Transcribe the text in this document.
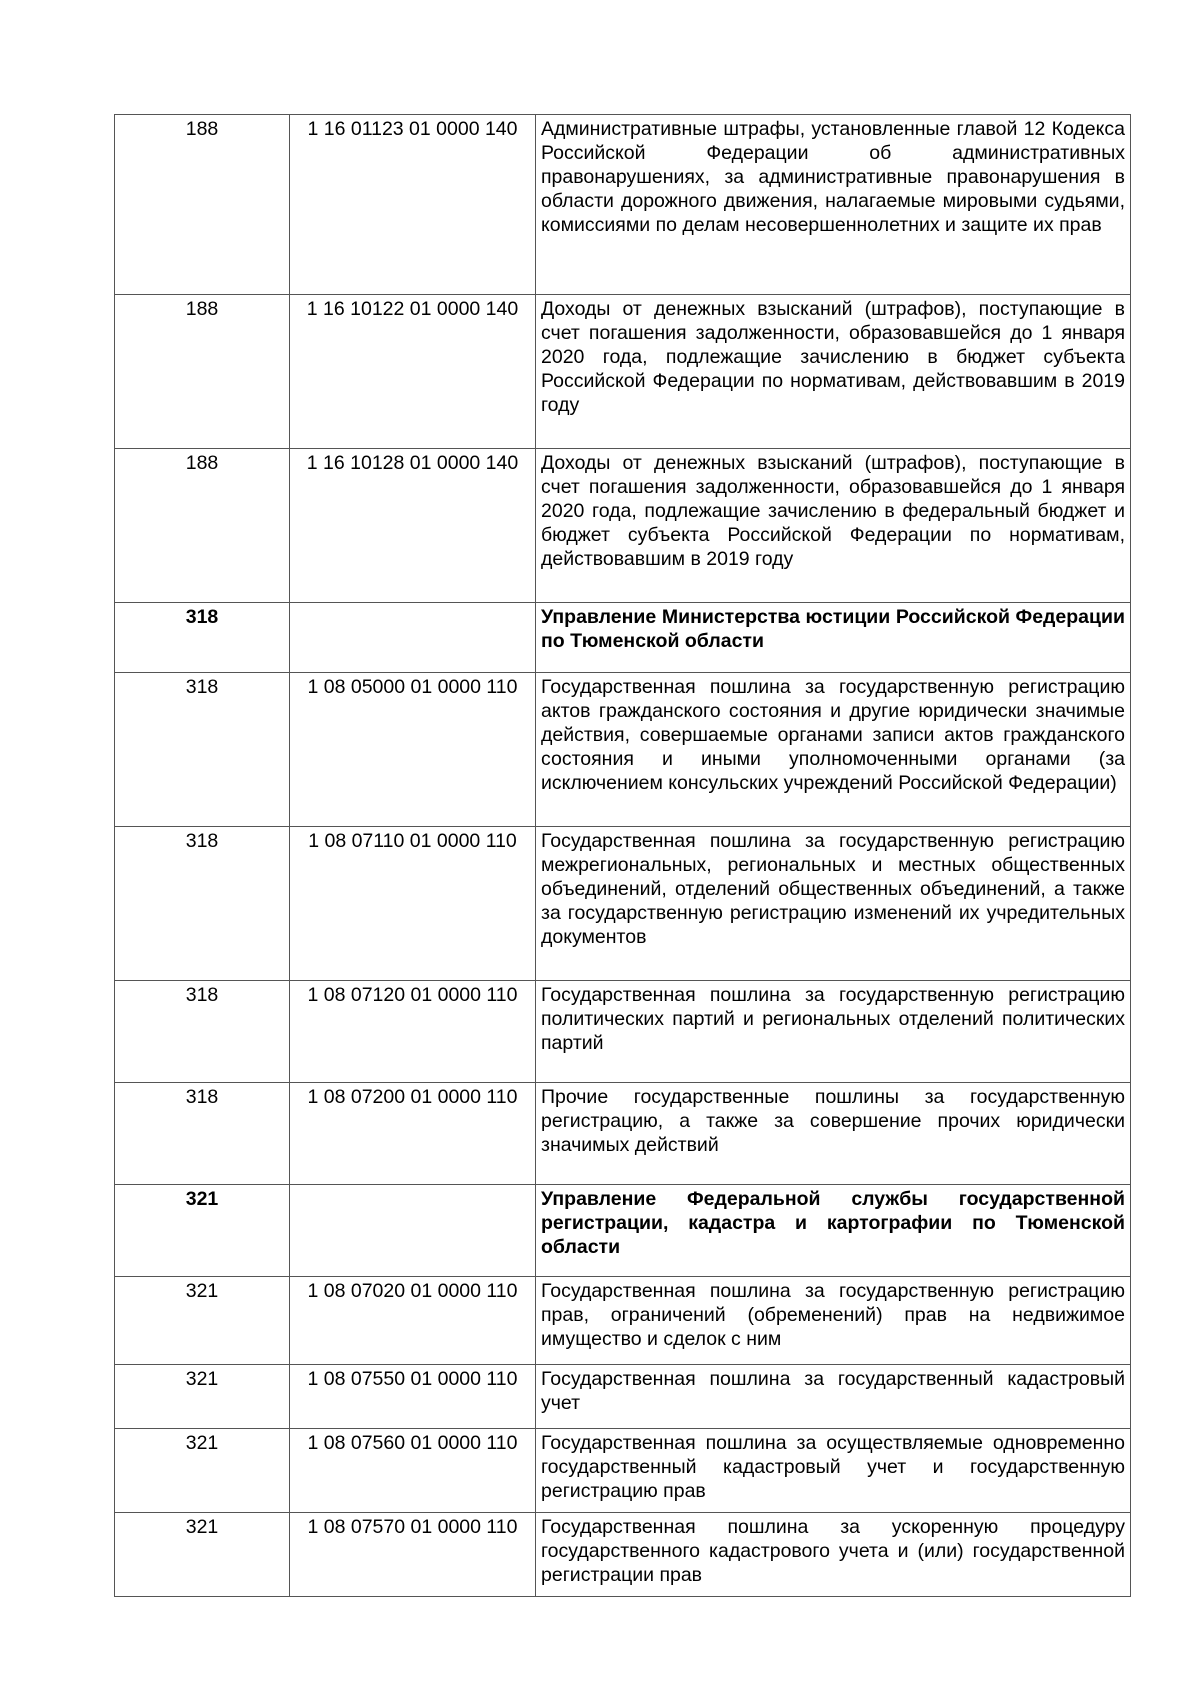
188	1 16 01123 01 0000 140	Административные штрафы, установленные главой 12 Кодекса Российской Федерации об административных правонарушениях, за административные правонарушения в области дорожного движения, налагаемые мировыми судьями, комиссиями по делам несовершеннолетних и защите их прав
188	1 16 10122 01 0000 140	Доходы от денежных взысканий (штрафов), поступающие в счет погашения задолженности, образовавшейся до 1 января 2020 года, подлежащие зачислению в бюджет субъекта Российской Федерации по нормативам, действовавшим в 2019 году
188	1 16 10128 01 0000 140	Доходы от денежных взысканий (штрафов), поступающие в счет погашения задолженности, образовавшейся до 1 января 2020 года, подлежащие зачислению в федеральный бюджет и бюджет субъекта Российской Федерации по нормативам, действовавшим в 2019 году
318		Управление Министерства юстиции Российской Федерации по Тюменской области
318	1 08 05000 01 0000 110	Государственная пошлина за государственную регистрацию актов гражданского состояния и другие юридически значимые действия, совершаемые органами записи актов гражданского состояния и иными уполномоченными органами (за исключением консульских учреждений Российской Федерации)
318	1 08 07110 01 0000 110	Государственная пошлина за государственную регистрацию межрегиональных, региональных и местных общественных объединений, отделений общественных объединений, а также за государственную регистрацию изменений их учредительных документов
318	1 08 07120 01 0000 110	Государственная пошлина за государственную регистрацию политических партий и региональных отделений политических партий
318	1 08 07200 01 0000 110	Прочие государственные пошлины за государственную регистрацию, а также за совершение прочих юридически значимых действий
321		Управление Федеральной службы государственной регистрации, кадастра и картографии по Тюменской области
321	1 08 07020 01 0000 110	Государственная пошлина за государственную регистрацию прав, ограничений (обременений) прав на недвижимое имущество и сделок с ним
321	1 08 07550 01 0000 110	Государственная пошлина за государственный кадастровый учет
321	1 08 07560 01 0000 110	Государственная пошлина за осуществляемые одновременно государственный кадастровый учет и государственную регистрацию прав
321	1 08 07570 01 0000 110	Государственная пошлина за ускоренную процедуру государственного кадастрового учета и (или) государственной регистрации прав
